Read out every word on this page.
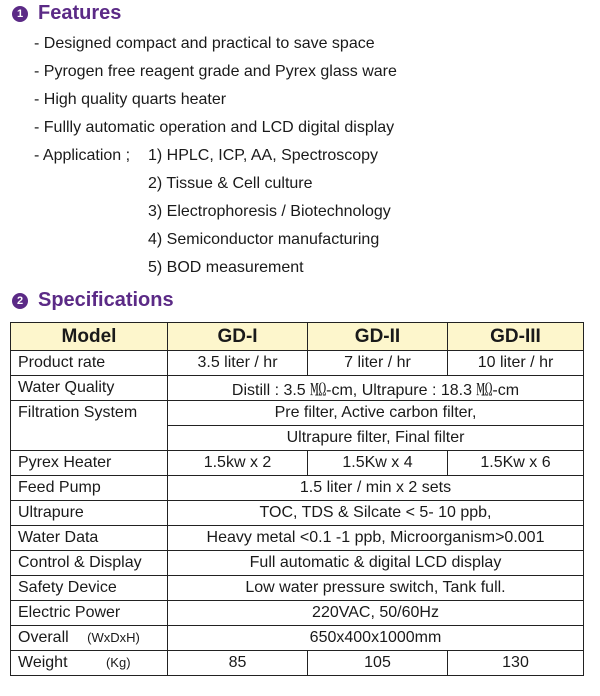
1 Features
- Designed compact and practical to save space
- Pyrogen free reagent grade and Pyrex glass ware
- High quality quarts heater
- Fullly automatic operation and LCD digital display
- Application ;	1) HPLC, ICP, AA, Spectroscopy
2) Tissue & Cell culture
3) Electrophoresis / Biotechnology
4) Semiconductor manufacturing
5) BOD measurement
2 Specifications
Model	GD-I	GD-II	GD-III
Product rate	3.5 liter / hr	7 liter / hr	10 liter / hr
Water Quality	Distill : 3.5 ㏁-cm, Ultrapure : 18.3 ㏁-cm		
Filtration System	Pre filter, Active carbon filter,		
	Ultrapure filter, Final filter		
Pyrex Heater	1.5kw x 2	1.5Kw x 4	1.5Kw x 6
Feed Pump	1.5 liter / min x 2 sets		
Ultrapure	TOC, TDS & Silcate < 5- 10 ppb,		
Water Data	Heavy metal <0.1 -1 ppb, Microorganism>0.001		
Control & Display	Full automatic & digital LCD display		
Safety Device	Low water pressure switch, Tank full.		
Electric Power	220VAC, 50/60Hz		
Overall (WxDxH)	650x400x1000mm		
Weight (Kg)	85	105	130
